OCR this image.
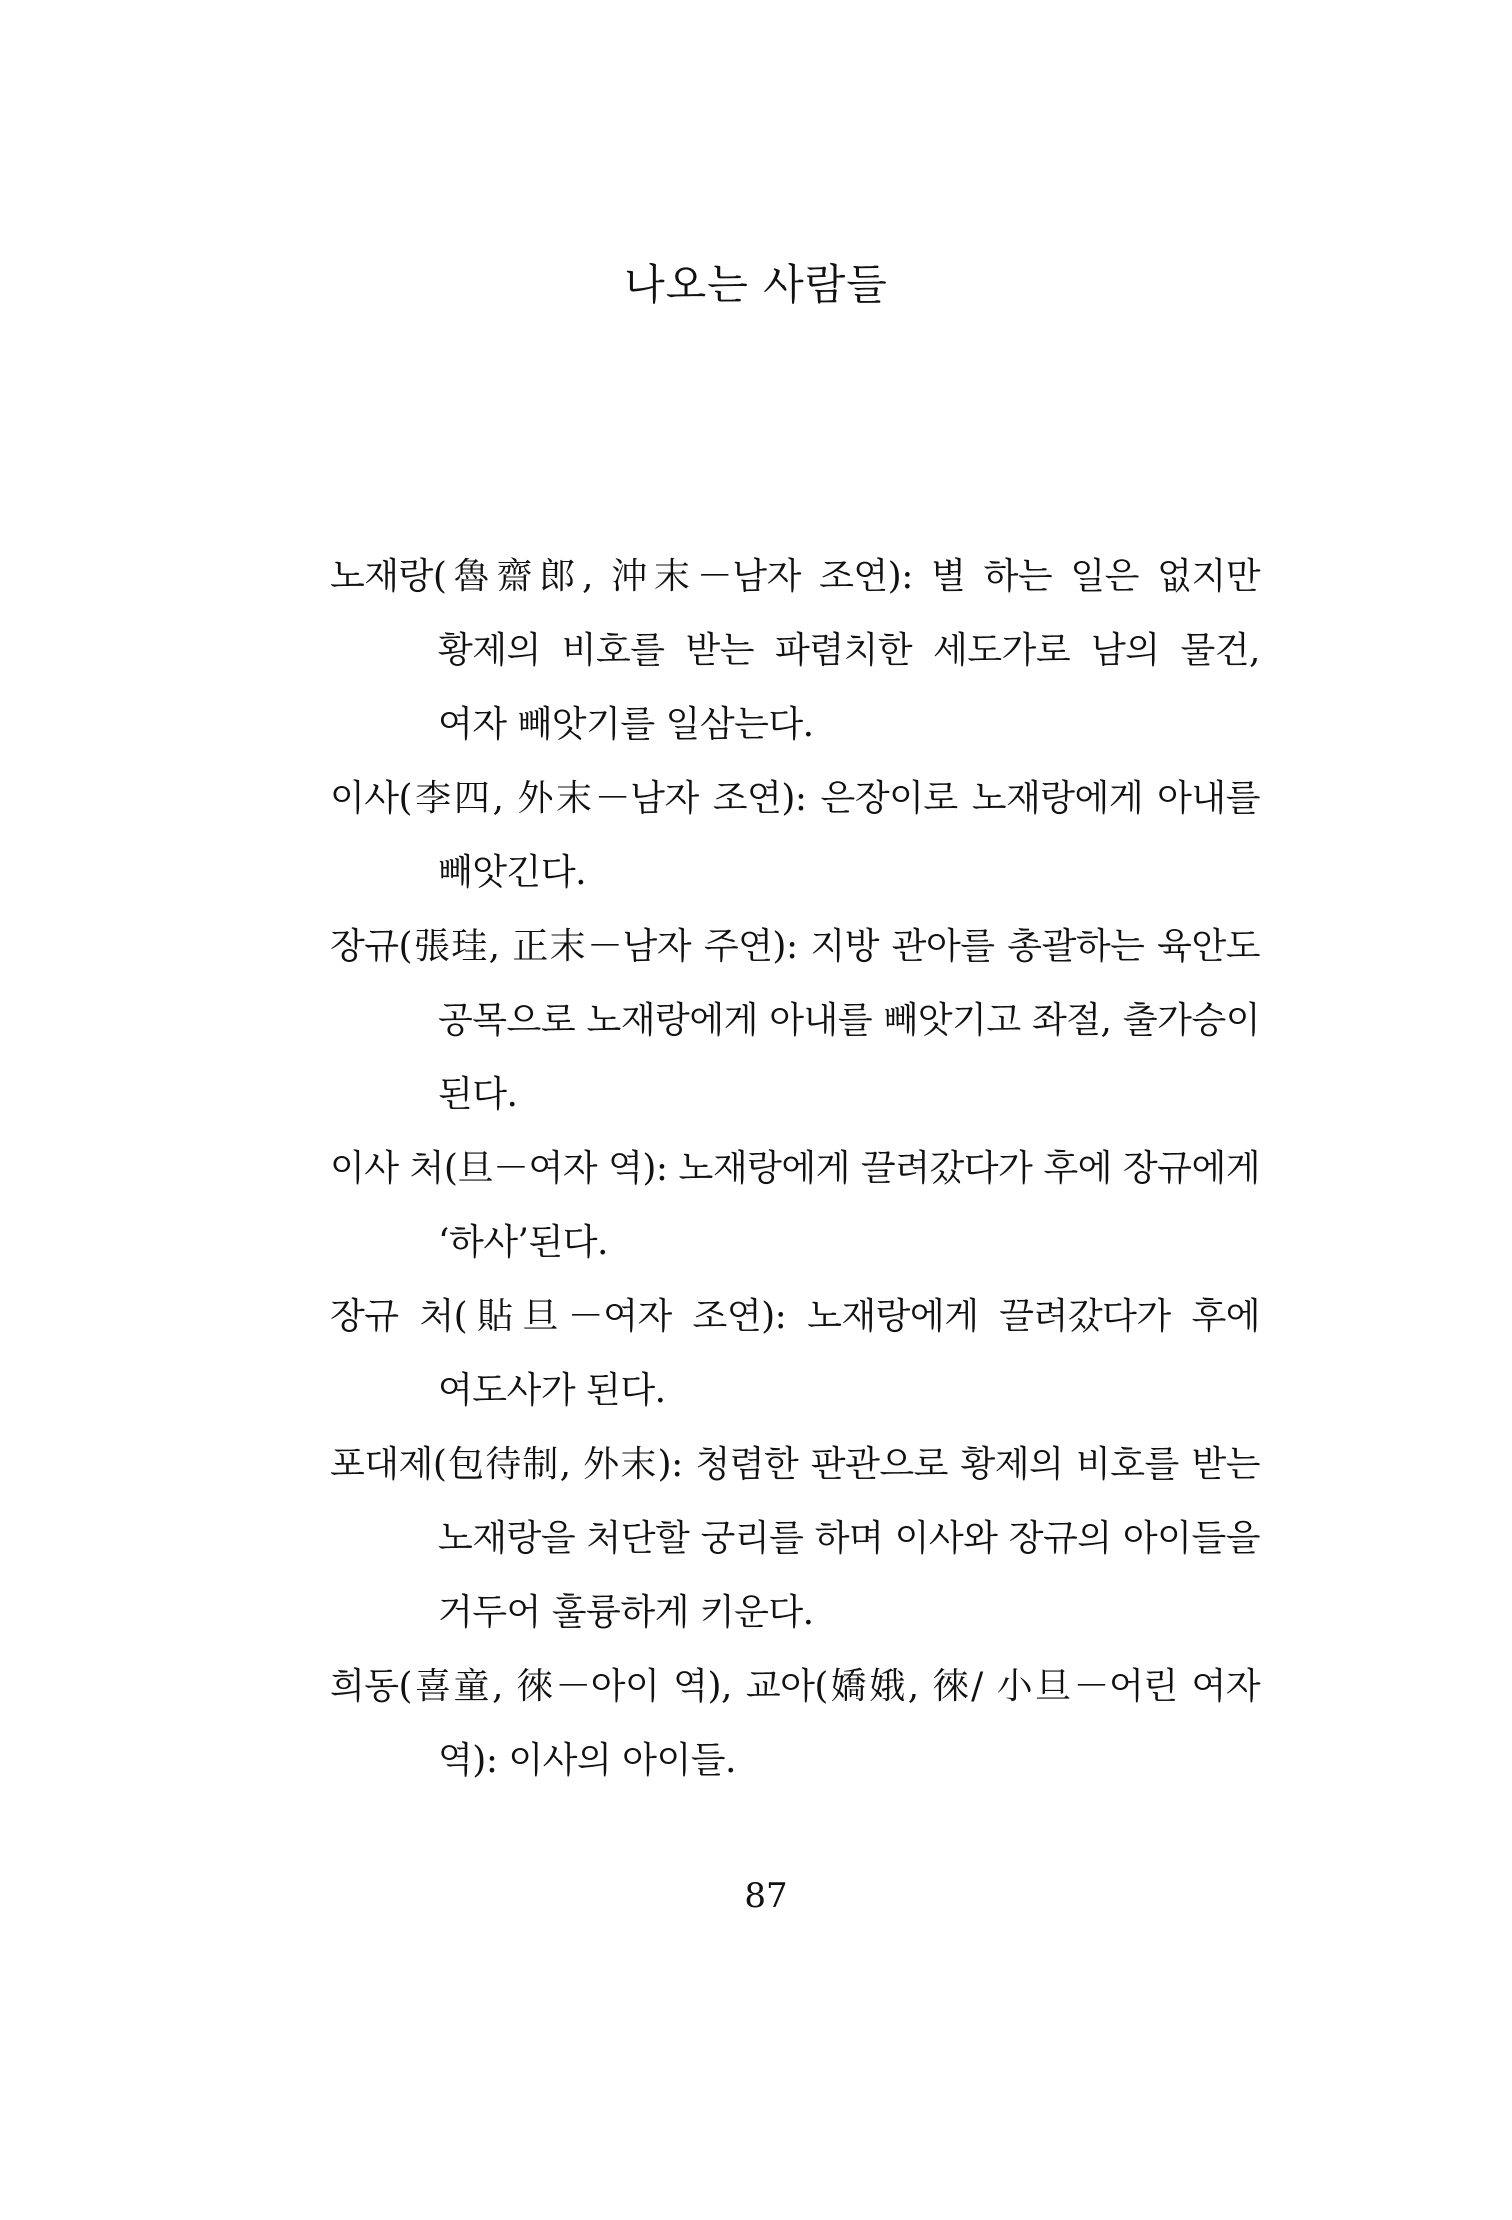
나오는 사람들
노재랑(魯齋郎, 沖末－남자 조연): 별 하는 일은 없지만 황제의 비호를 받는 파렴치한 세도가로 남의 물건, 여자 빼앗기를 일삼는다.
이사(李四, 外末－남자 조연): 은장이로 노재랑에게 아내를 빼앗긴다.
장규(張珪, 正末－남자 주연): 지방 관아를 총괄하는 육안도 공목으로 노재랑에게 아내를 빼앗기고 좌절, 출가승이 된다.
이사 처(旦－여자 역): 노재랑에게 끌려갔다가 후에 장규에게 ‘하사’된다.
장규 처(貼旦－여자 조연): 노재랑에게 끌려갔다가 후에 여도사가 된다.
포대제(包待制, 外末): 청렴한 판관으로 황제의 비호를 받는 노재랑을 처단할 궁리를 하며 이사와 장규의 아이들을 거두어 훌륭하게 키운다.
희동(喜童, 徠－아이 역), 교아(嬌娥, 徠/ 小旦－어린 여자 역): 이사의 아이들.

87
